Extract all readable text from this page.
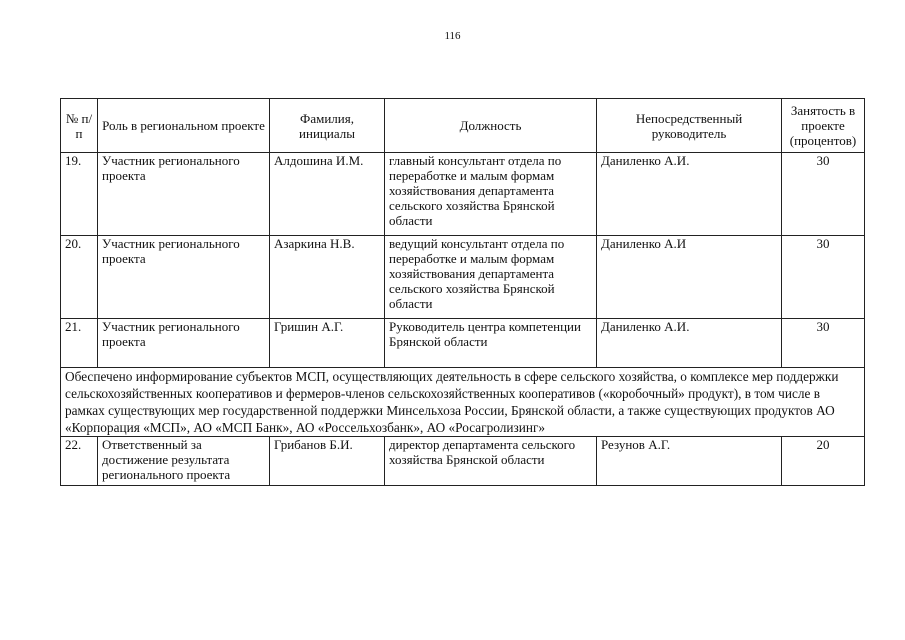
116
№ п/п	Роль в региональном проекте	Фамилия, инициалы	Должность	Непосредственный руководитель	Занятость в проекте (процентов)
19.	Участник регионального проекта	Алдошина И.М.	главный консультант отдела по переработке и малым формам хозяйствования департамента сельского хозяйства Брянской области	Даниленко А.И.	30
20.	Участник регионального проекта	Азаркина Н.В.	ведущий консультант отдела по переработке и малым формам хозяйствования департамента сельского хозяйства Брянской области	Даниленко А.И	30
21.	Участник регионального проекта	Гришин А.Г.	Руководитель центра компетенции Брянской области	Даниленко А.И.	30
Обеспечено информирование субъектов МСП, осуществляющих деятельность в сфере сельского хозяйства, о комплексе мер поддержки сельскохозяйственных кооперативов и фермеров-членов сельскохозяйственных кооперативов («коробочный» продукт), в том числе в рамках существующих мер государственной поддержки Минсельхоза России, Брянской области, а также существующих продуктов АО «Корпорация «МСП», АО «МСП Банк», АО «Россельхозбанк», АО «Росагролизинг»					
22.	Ответственный за достижение результата регионального проекта	Грибанов Б.И.	директор департамента сельского хозяйства Брянской области	Резунов А.Г.	20
